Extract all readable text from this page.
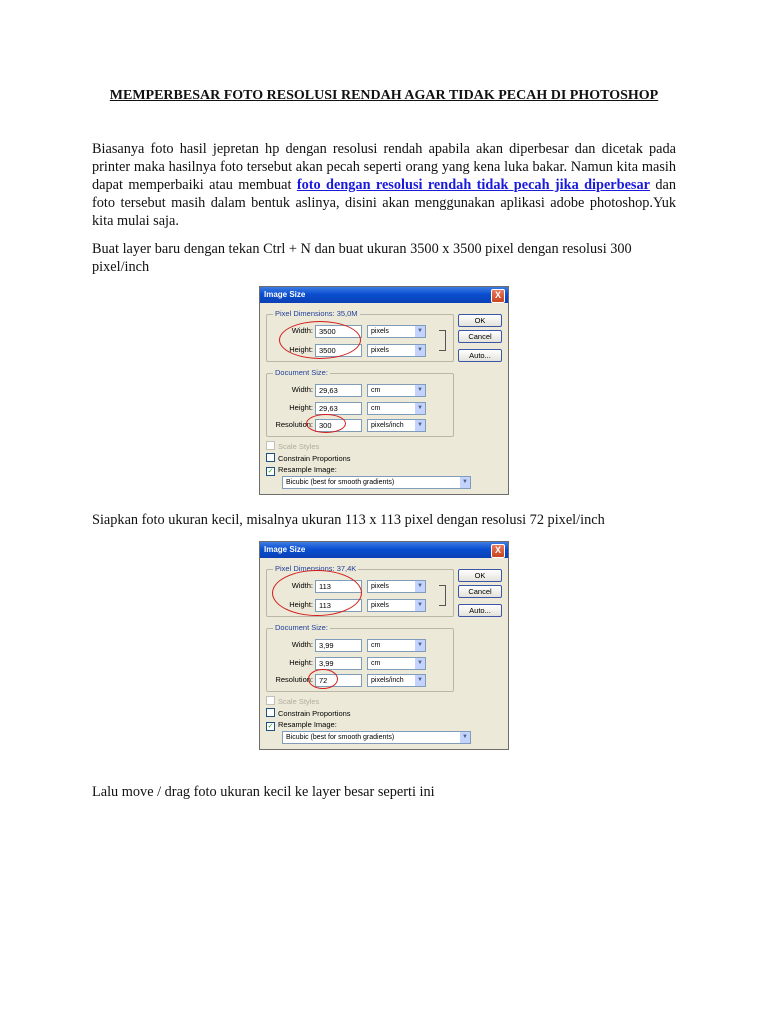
MEMPERBESAR FOTO RESOLUSI RENDAH AGAR TIDAK PECAH DI PHOTOSHOP

Biasanya foto hasil jepretan hp dengan resolusi rendah apabila akan diperbesar dan dicetak pada printer maka hasilnya foto tersebut akan pecah seperti orang yang kena luka bakar. Namun kita masih dapat memperbaiki atau membuat foto dengan resolusi rendah tidak pecah jika diperbesar dan foto tersebut masih dalam bentuk aslinya, disini akan menggunakan aplikasi adobe photoshop.Yuk kita mulai saja.

Buat layer baru dengan tekan Ctrl + N dan buat ukuran 3500 x 3500 pixel dengan resolusi 300 pixel/inch

Image Size	X
Pixel Dimensions: 35,0M
Width: 3500	pixels	▼
Height: 3500	pixels	▼
Document Size:
Width: 29,63	cm	▼
Height: 29,63	cm	▼
Resolution: 300	pixels/inch	▼
Scale Styles
Constrain Proportions
✓ Resample Image:
Bicubic (best for smooth gradients)	▼
OK
Cancel
Auto...

Siapkan foto ukuran kecil, misalnya ukuran 113 x 113 pixel dengan resolusi 72 pixel/inch

Image Size	X
Pixel Dimensions: 37,4K
Width: 113	pixels	▼
Height: 113	pixels	▼
Document Size:
Width: 3,99	cm	▼
Height: 3,99	cm	▼
Resolution: 72	pixels/inch	▼
Scale Styles
Constrain Proportions
✓ Resample Image:
Bicubic (best for smooth gradients)	▼
OK
Cancel
Auto...

Lalu move / drag foto ukuran kecil ke layer besar seperti ini
